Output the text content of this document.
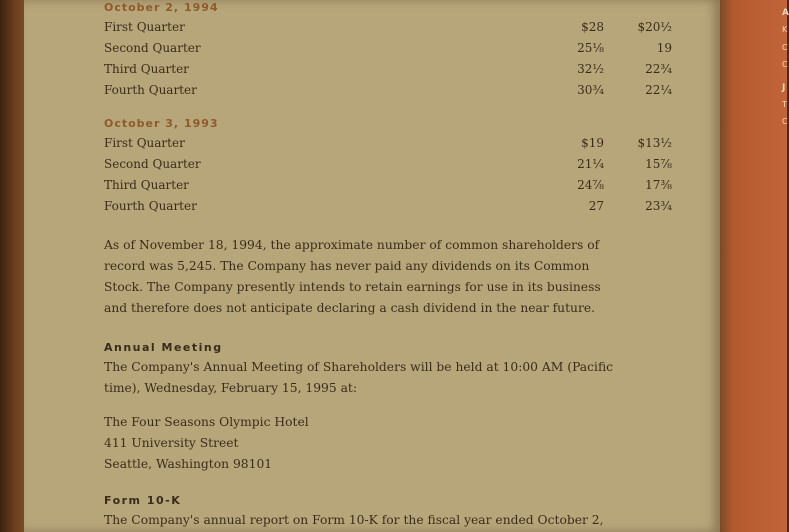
A
K
C
C
J
T
C
October 2, 1994
First Quarter	$28	$20½
Second Quarter	25⅛	19
Third Quarter	32½	22¾
Fourth Quarter	30¾	22¼
October 3, 1993
First Quarter	$19	$13½
Second Quarter	21¼	15⅞
Third Quarter	24⅞	17⅜
Fourth Quarter	27	23¾

As of November 18, 1994, the approximate number of common shareholders of

record was 5,245. The Company has never paid any dividends on its Common

Stock. The Company presently intends to retain earnings for use in its business

and therefore does not anticipate declaring a cash dividend in the near future.

Annual Meeting

The Company's Annual Meeting of Shareholders will be held at 10:00 AM (Pacific

time), Wednesday, February 15, 1995 at:

The Four Seasons Olympic Hotel

411 University Street

Seattle, Washington 98101

Form 10-K

The Company's annual report on Form 10-K for the fiscal year ended October 2,
